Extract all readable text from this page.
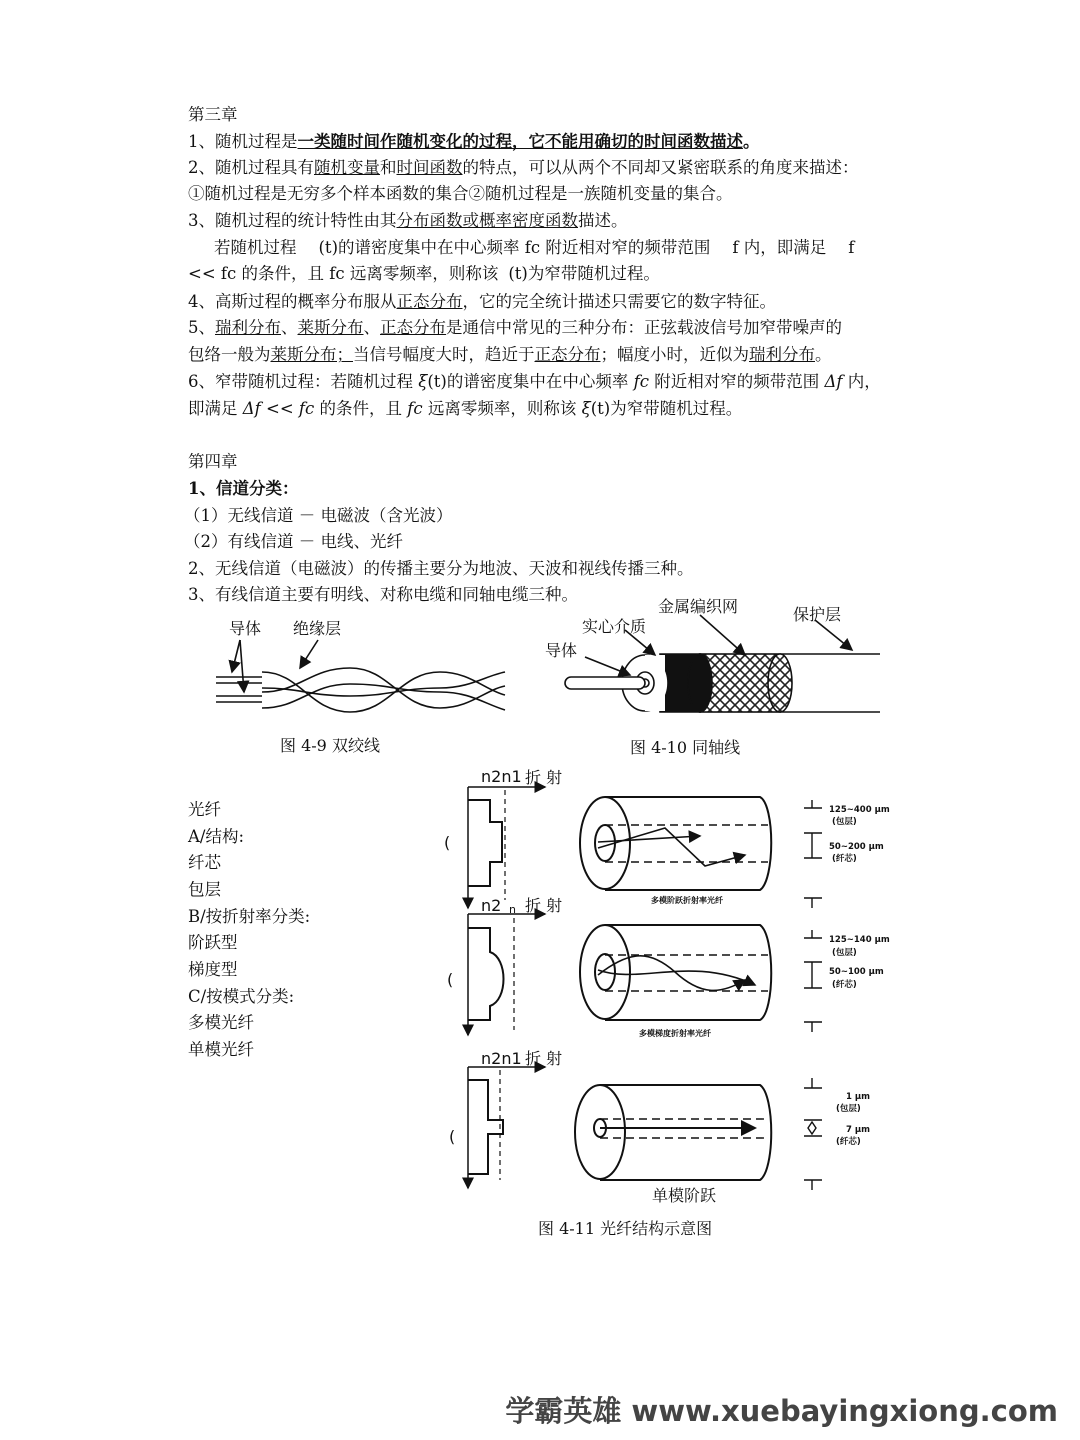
第三章
1、随机过程是一类随时间作随机变化的过程，它不能用确切的时间函数描述。
2、随机过程具有随机变量和时间函数的特点，可以从两个不同却又紧密联系的角度来描述：
①随机过程是无穷多个样本函数的集合②随机过程是一族随机变量的集合。
3、随机过程的统计特性由其分布函数或概率密度函数描述。
若随机过程 (t)的谱密度集中在中心频率 fc 附近相对窄的频带范围 f 内，即满足 f
<< fc 的条件，且 fc 远离零频率，则称该 (t)为窄带随机过程。
4、高斯过程的概率分布服从正态分布，它的完全统计描述只需要它的数字特征。
5、瑞利分布、莱斯分布、正态分布是通信中常见的三种分布：正弦载波信号加窄带噪声的
包络一般为莱斯分布；当信号幅度大时，趋近于正态分布；幅度小时，近似为瑞利分布。
6、窄带随机过程：若随机过程 ξ(t)的谱密度集中在中心频率 fc 附近相对窄的频带范围 Δf 内，
即满足 Δf << fc 的条件，且 fc 远离零频率，则称该 ξ(t)为窄带随机过程。
第四章
1、信道分类：
（1）无线信道 － 电磁波（含光波）
（2）有线信道 － 电线、光纤
2、无线信道（电磁波）的传播主要分为地波、天波和视线传播三种。
3、有线信道主要有明线、对称电缆和同轴电缆三种。
导体 绝缘层
图 4-9 双绞线
金属编织网	保护层
实心介质
导体
图 4-10 同轴线
光纤
A/结构:
纤芯
包层
B/按折射率分类:
阶跃型
梯度型
C/按模式分类:
多模光纤
单模光纤
n2n1 折 射
(
n2 n 折 射
(
n2n1 折 射
(
125~400 μm
(包层)
50~200 μm
(纤芯)
多模阶跃折射率光纤
125~140 μm
(包层)
50~100 μm
(纤芯)
多模梯度折射率光纤
1 μm
(包层)
7 μm
(纤芯)
单模阶跃
图 4-11 光纤结构示意图
学霸英雄 www.xuebayingxiong.com
